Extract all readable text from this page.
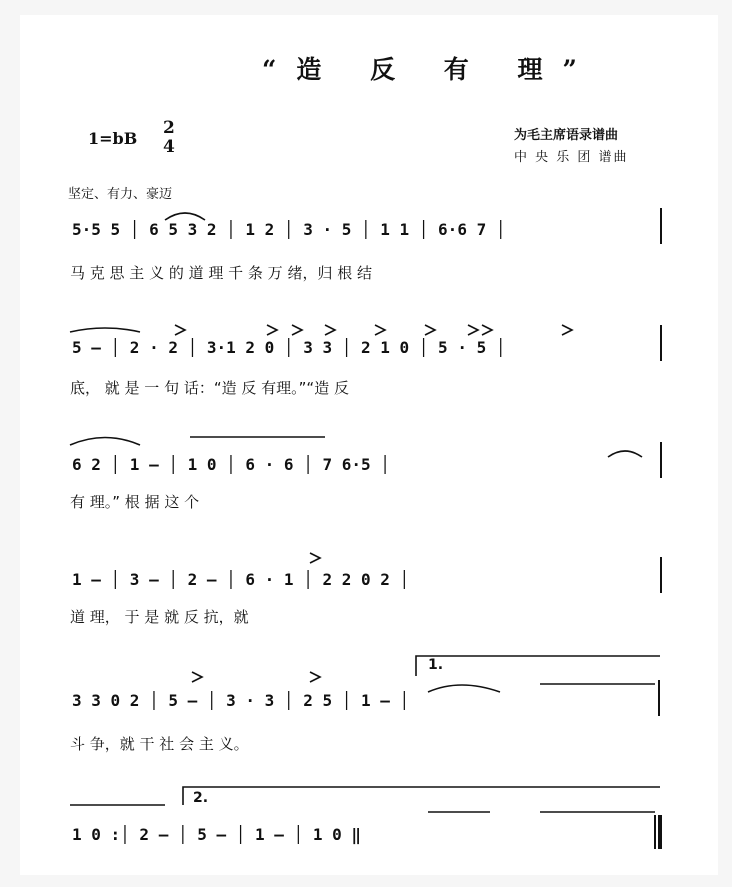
“造 反 有 理”
1=bB
2
4
为毛主席语录谱曲
中 央 乐 团 谱曲
坚定、有力、豪迈
5·5 5 │ 6 5 3 2 │ 1 2 │ 3 · 5 │ 1 1 │ 6·6 7 │
马 克 思 主 义 的 道 理 千 条 万 绪，归 根 结
5 – │ 2 · 2 │ 3·1 2 0 │ 3 3 │ 2 1 0 │ 5 · 5 │
底， 就 是 一 句 话：“造 反 有理。”“造 反
6 2 │ 1 – │ 1 0 │ 6 · 6 │ 7 6·5 │
有 理。” 根 据 这 个
1 – │ 3 – │ 2 – │ 6 · 1 │ 2 2 0 2 │
道 理， 于 是 就 反 抗，就
3 3 0 2 │ 5 – │ 3 · 3 │ 2 5 │ 1 – │
斗 争，就 干 社 会 主 义。
1 0 :│ 2 – │ 5 – │ 1 – │ 1 0 ‖
1.
2.
